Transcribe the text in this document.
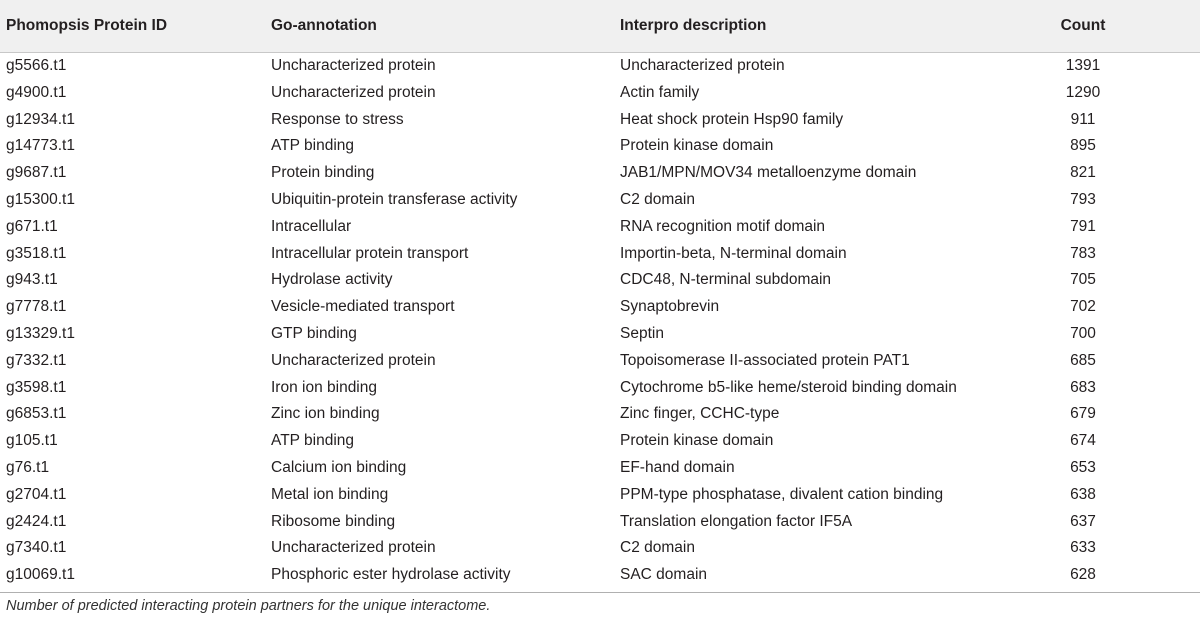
Phomopsis Protein ID	Go-annotation	Interpro description	Count
g5566.t1	Uncharacterized protein	Uncharacterized protein	1391
g4900.t1	Uncharacterized protein	Actin family	1290
g12934.t1	Response to stress	Heat shock protein Hsp90 family	911
g14773.t1	ATP binding	Protein kinase domain	895
g9687.t1	Protein binding	JAB1/MPN/MOV34 metalloenzyme domain	821
g15300.t1	Ubiquitin-protein transferase activity	C2 domain	793
g671.t1	Intracellular	RNA recognition motif domain	791
g3518.t1	Intracellular protein transport	Importin-beta, N-terminal domain	783
g943.t1	Hydrolase activity	CDC48, N-terminal subdomain	705
g7778.t1	Vesicle-mediated transport	Synaptobrevin	702
g13329.t1	GTP binding	Septin	700
g7332.t1	Uncharacterized protein	Topoisomerase II-associated protein PAT1	685
g3598.t1	Iron ion binding	Cytochrome b5-like heme/steroid binding domain	683
g6853.t1	Zinc ion binding	Zinc finger, CCHC-type	679
g105.t1	ATP binding	Protein kinase domain	674
g76.t1	Calcium ion binding	EF-hand domain	653
g2704.t1	Metal ion binding	PPM-type phosphatase, divalent cation binding	638
g2424.t1	Ribosome binding	Translation elongation factor IF5A	637
g7340.t1	Uncharacterized protein	C2 domain	633
g10069.t1	Phosphoric ester hydrolase activity	SAC domain	628
Number of predicted interacting protein partners for the unique interactome.
